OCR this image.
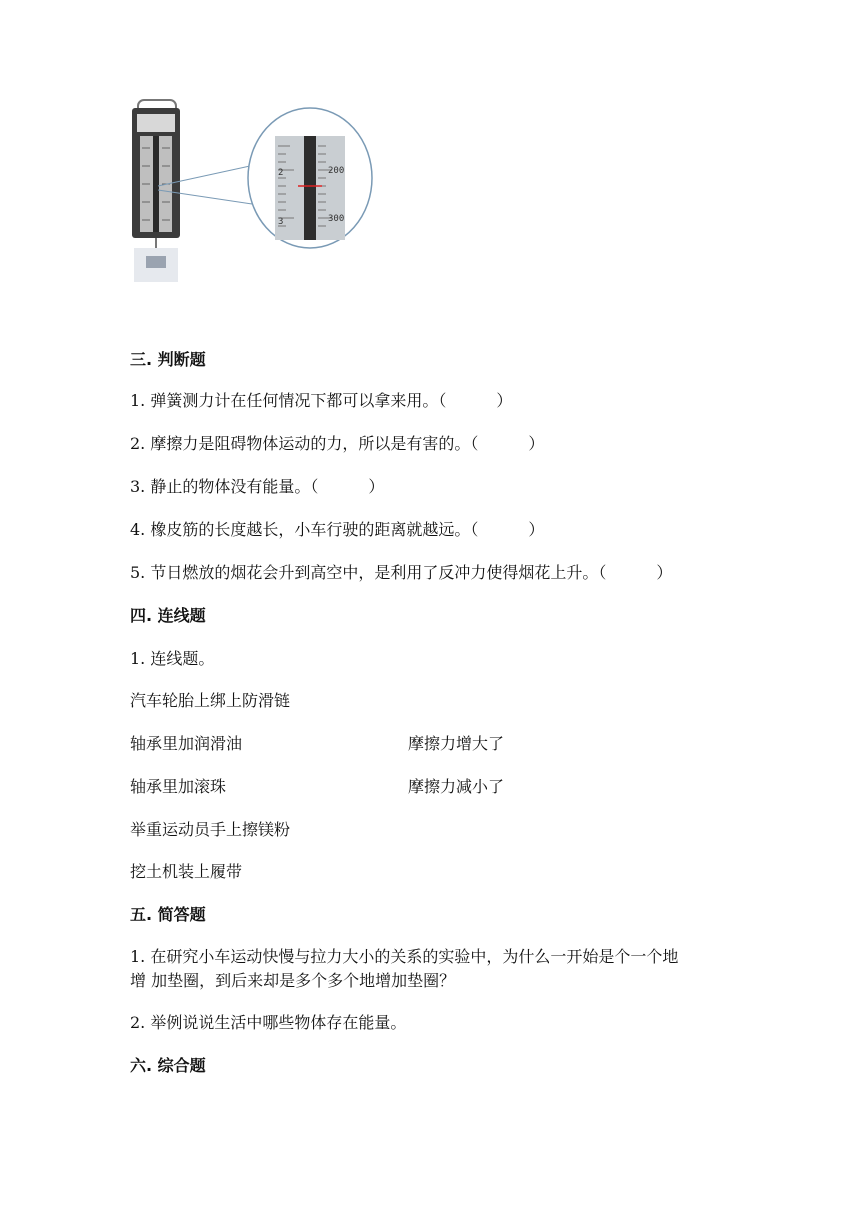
2
3
200
300
三. 判断题
1. 弹簧测力计在任何情况下都可以拿来用。（	）
2. 摩擦力是阻碍物体运动的力，所以是有害的。（	）
3. 静止的物体没有能量。（	）
4. 橡皮筋的长度越长，小车行驶的距离就越远。（	）
5. 节日燃放的烟花会升到高空中，是利用了反冲力使得烟花上升。（	）
四. 连线题
1. 连线题。
汽车轮胎上绑上防滑链
轴承里加润滑油	摩擦力增大了
轴承里加滚珠	摩擦力减小了
举重运动员手上擦镁粉
挖土机装上履带
五. 简答题
1. 在研究小车运动快慢与拉力大小的关系的实验中，为什么一开始是个一个地
增 加垫圈，到后来却是多个多个地增加垫圈？
2. 举例说说生活中哪些物体存在能量。
六. 综合题
